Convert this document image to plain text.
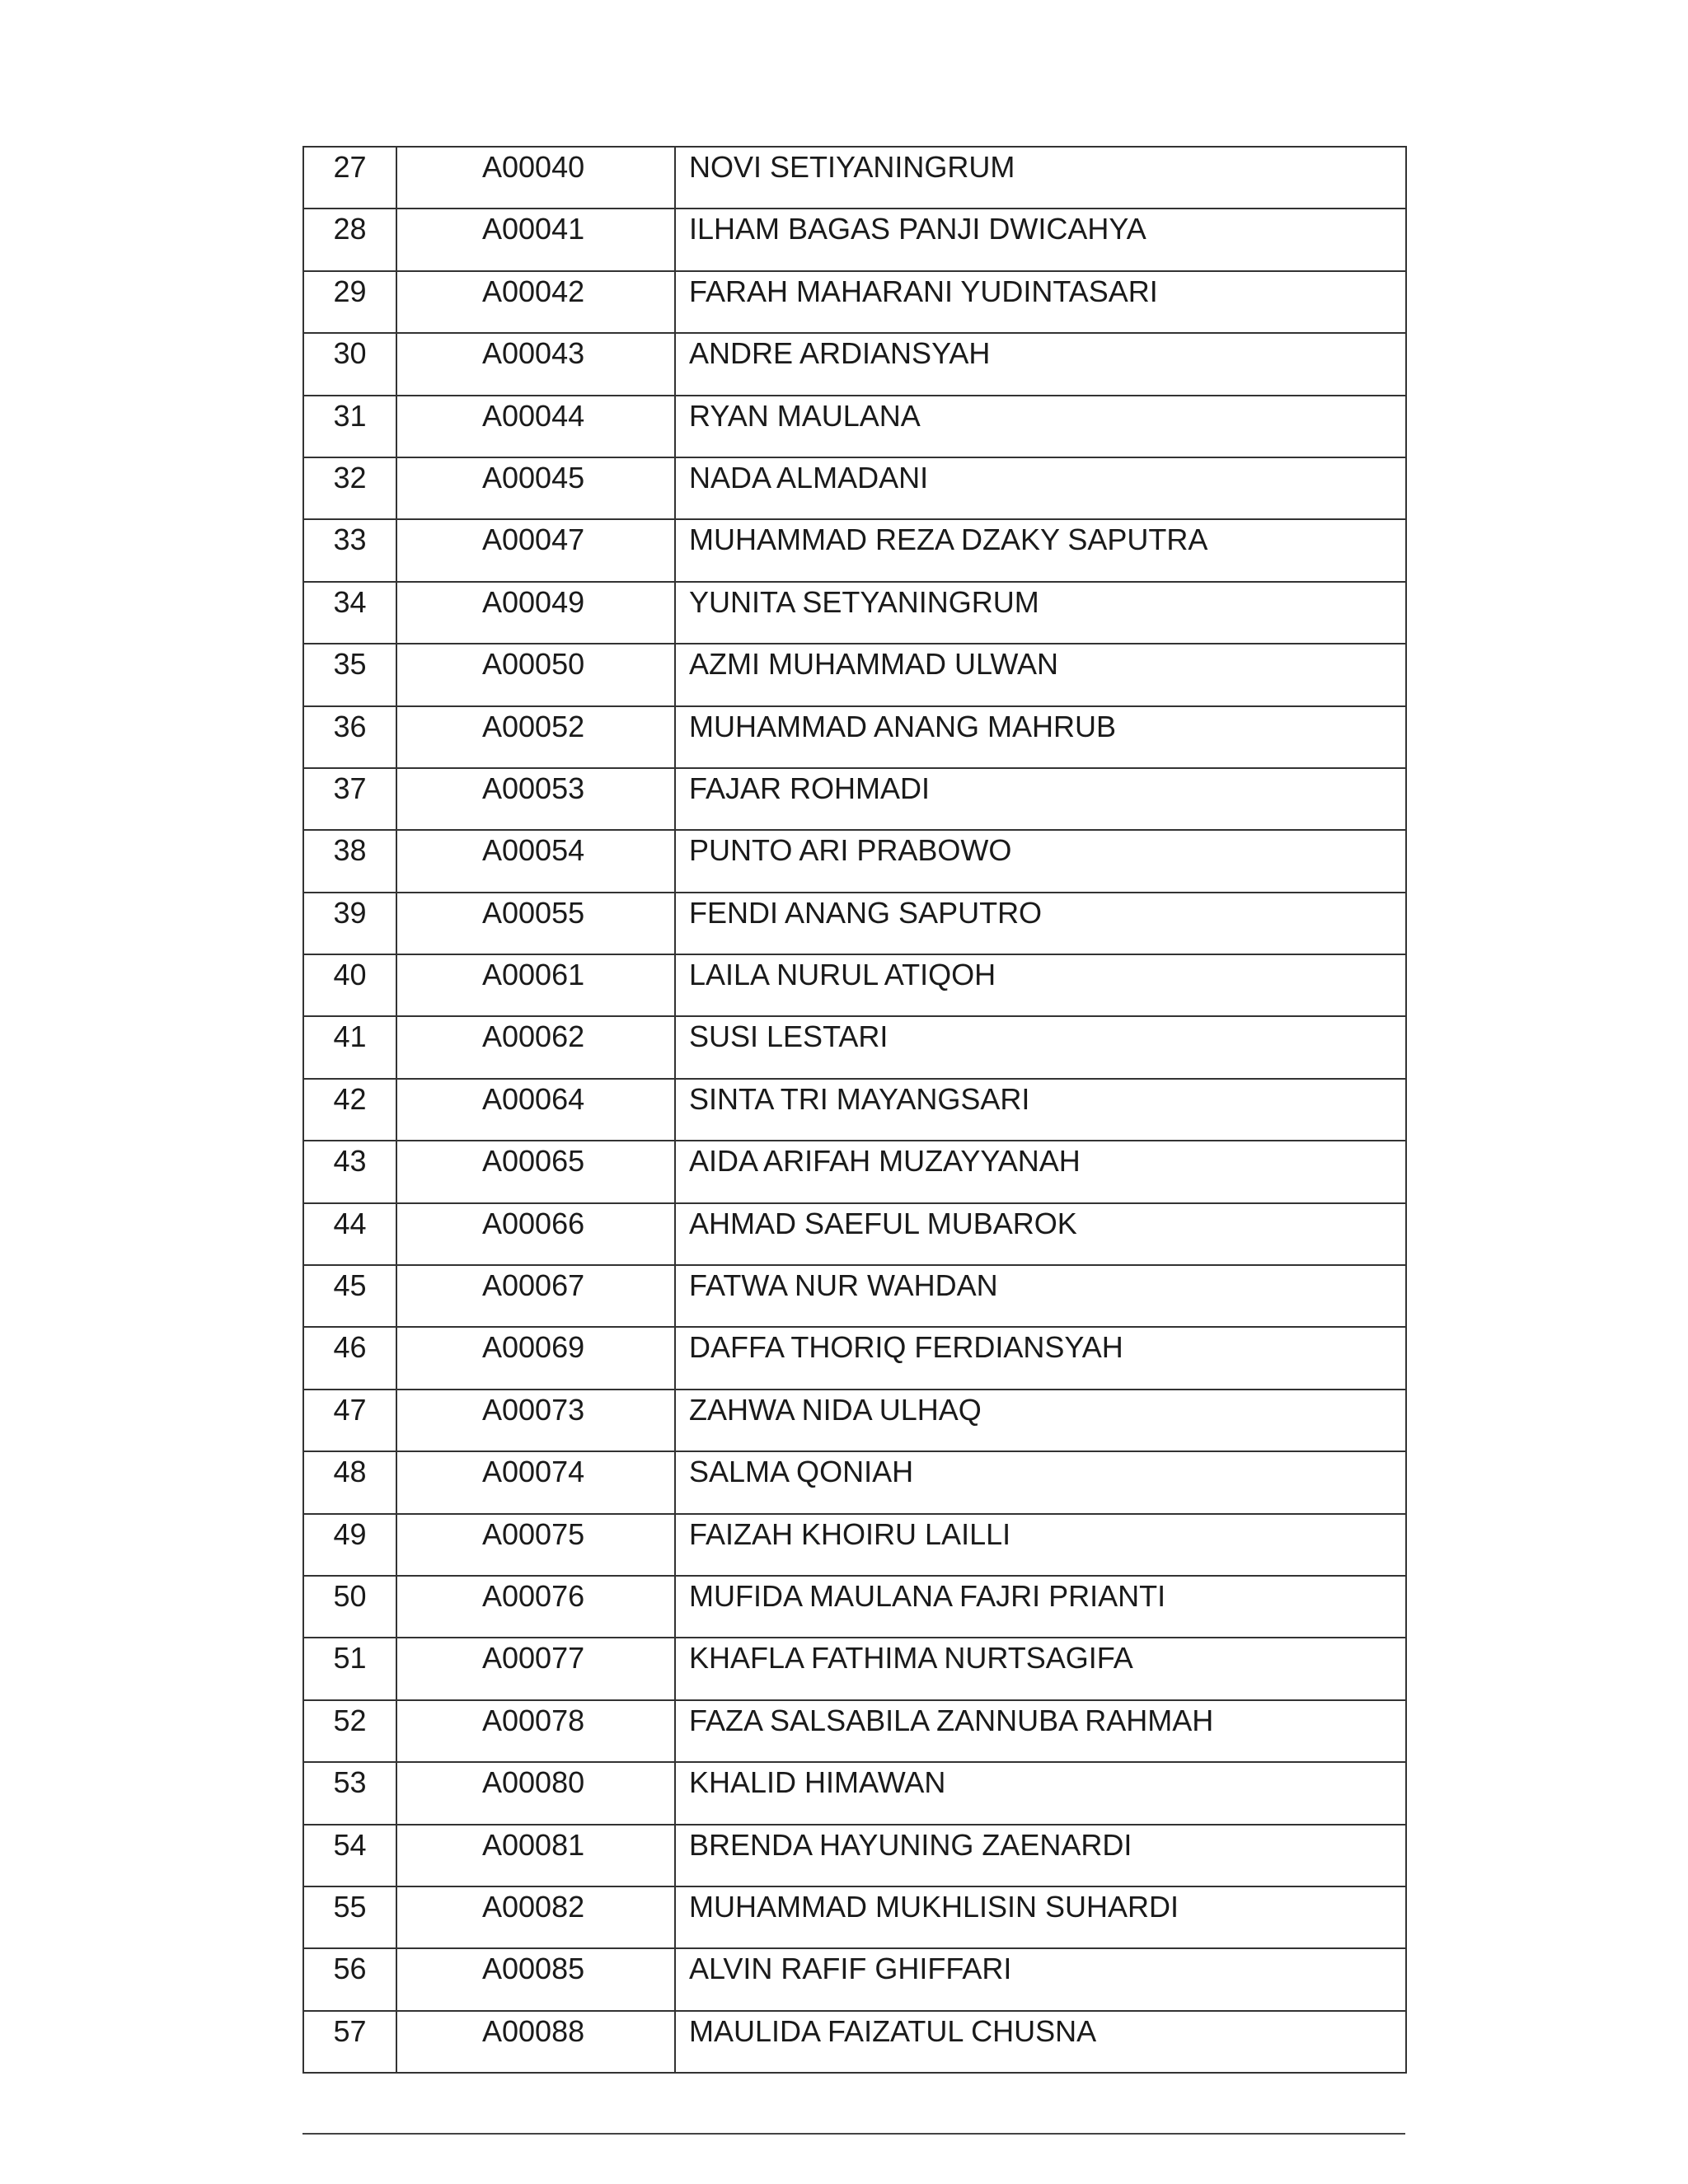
27	A00040	NOVI SETIYANINGRUM

28	A00041	ILHAM BAGAS PANJI DWICAHYA

29	A00042	FARAH MAHARANI YUDINTASARI

30	A00043	ANDRE ARDIANSYAH

31	A00044	RYAN MAULANA

32	A00045	NADA ALMADANI

33	A00047	MUHAMMAD REZA DZAKY SAPUTRA

34	A00049	YUNITA SETYANINGRUM

35	A00050	AZMI MUHAMMAD ULWAN

36	A00052	MUHAMMAD ANANG MAHRUB

37	A00053	FAJAR ROHMADI

38	A00054	PUNTO ARI PRABOWO

39	A00055	FENDI ANANG SAPUTRO

40	A00061	LAILA NURUL ATIQOH

41	A00062	SUSI LESTARI

42	A00064	SINTA TRI MAYANGSARI

43	A00065	AIDA ARIFAH MUZAYYANAH

44	A00066	AHMAD SAEFUL MUBAROK

45	A00067	FATWA NUR WAHDAN

46	A00069	DAFFA THORIQ FERDIANSYAH

47	A00073	ZAHWA NIDA ULHAQ

48	A00074	SALMA QONIAH

49	A00075	FAIZAH KHOIRU LAILLI

50	A00076	MUFIDA MAULANA FAJRI PRIANTI

51	A00077	KHAFLA FATHIMA NURTSAGIFA

52	A00078	FAZA SALSABILA ZANNUBA RAHMAH

53	A00080	KHALID HIMAWAN

54	A00081	BRENDA HAYUNING ZAENARDI

55	A00082	MUHAMMAD MUKHLISIN SUHARDI

56	A00085	ALVIN RAFIF GHIFFARI

57	A00088	MAULIDA FAIZATUL CHUSNA
